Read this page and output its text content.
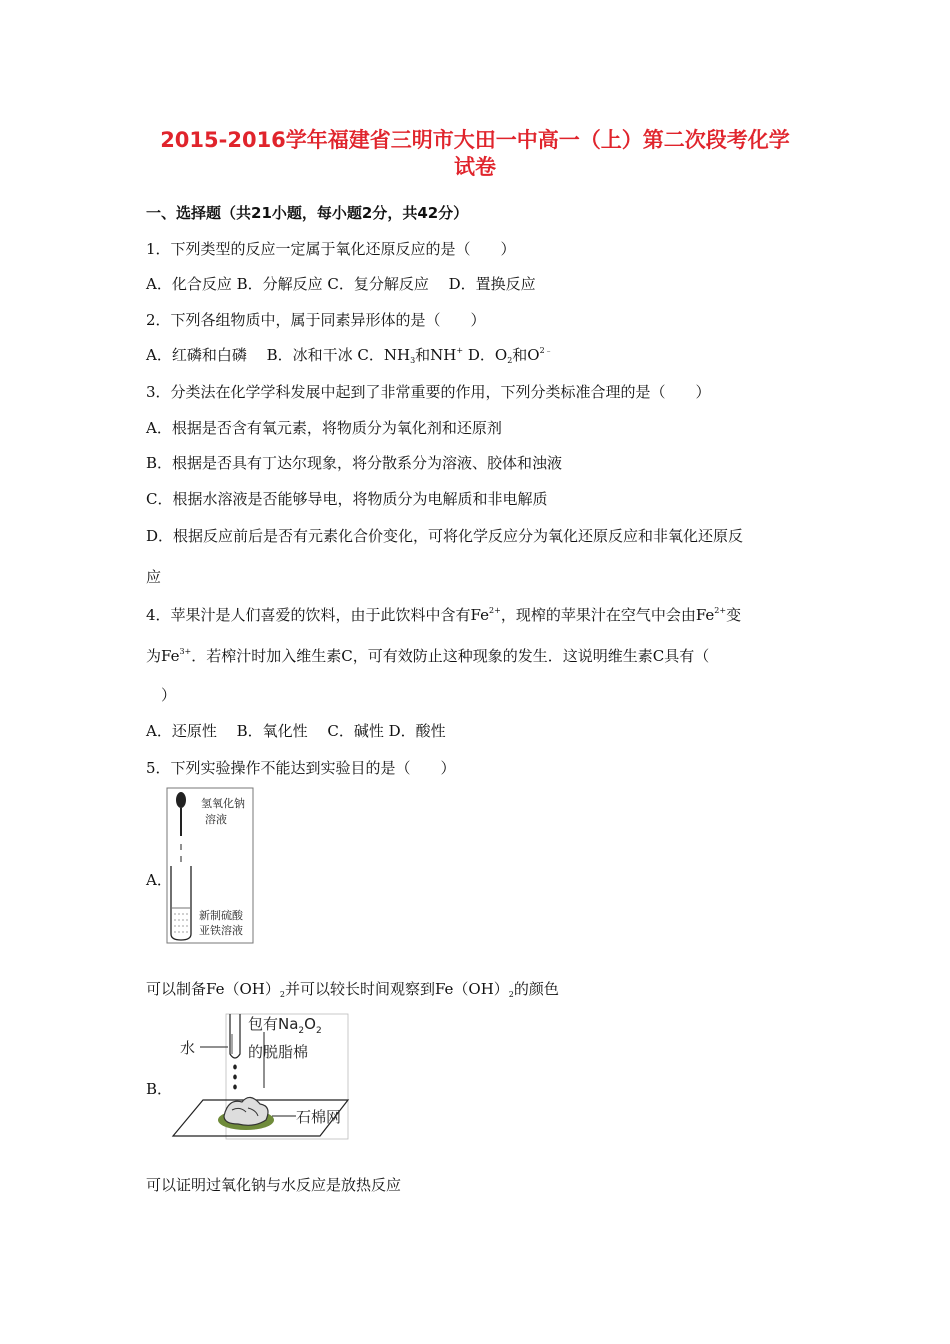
2015-2016学年福建省三明市大田一中高一（上）第二次段考化学
试卷
一、选择题（共21小题，每小题2分，共42分）
1．下列类型的反应一定属于氧化还原反应的是（　　）
A．化合反应 B．分解反应 C．复分解反应　 D．置换反应
2．下列各组物质中，属于同素异形体的是（　　）
A．红磷和白磷　 B．冰和干冰 C．$NH_3$和NH+ D．$O_2$和$O^{2﹣}$
3．分类法在化学学科发展中起到了非常重要的作用，下列分类标准合理的是（　　）
A．根据是否含有氧元素，将物质分为氧化剂和还原剂
B．根据是否具有丁达尔现象，将分散系分为溶液、胶体和浊液
C．根据水溶液是否能够导电，将物质分为电解质和非电解质
D．根据反应前后是否有元素化合价变化，可将化学反应分为氧化还原反应和非氧化还原反
应
4．苹果汁是人们喜爱的饮料，由于此饮料中含有$Fe^{2+}$，现榨的苹果汁在空气中会由$Fe^{2+}$变
为$Fe^{3+}$．若榨汁时加入维生素C，可有效防止这种现象的发生．这说明维生素C具有（
　）
A．还原性　 B．氧化性　 C．碱性 D．酸性
5．下列实验操作不能达到实验目的是（　　）
A．
氢氧化钠
溶液
新制硫酸
亚铁溶液
可以制备$Fe(OH)_2$并可以较长时间观察到$Fe(OH)_2$的颜色
B．
水
包有$Na_2O_2$
的脱脂棉
石棉网
可以证明过氧化钠与水反应是放热反应
